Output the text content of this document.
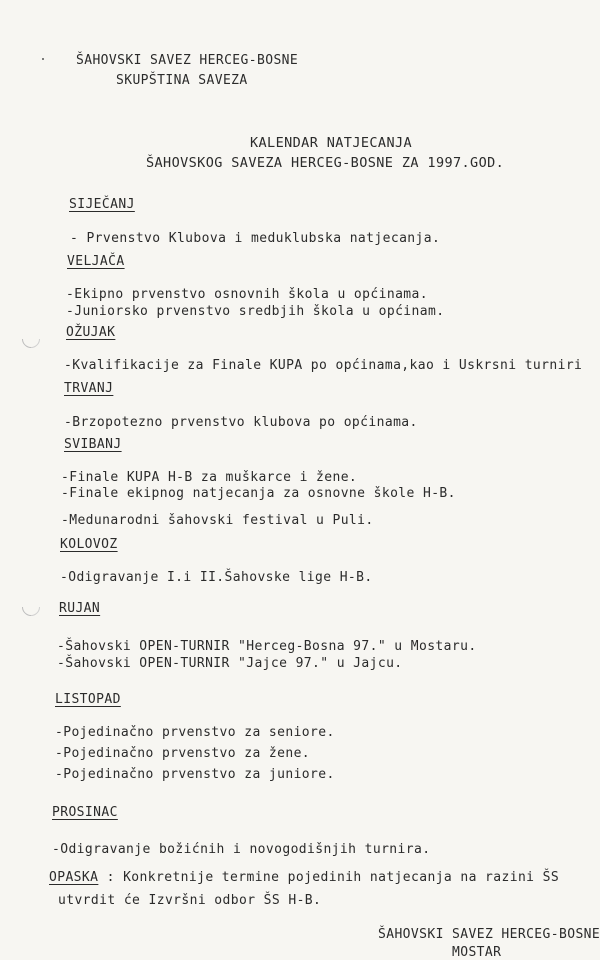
ŠAHOVSKI SAVEZ HERCEG-BOSNE
SKUPŠTINA SAVEZA
KALENDAR NATJECANJA
ŠAHOVSKOG SAVEZA HERCEG-BOSNE ZA 1997.GOD.
SIJEČANJ
- Prvenstvo Klubova i meduklubska natjecanja.
VELJAČA
-Ekipno prvenstvo osnovnih škola u općinama.
-Juniorsko prvenstvo sredbjih škola u općinam.
OŽUJAK
-Kvalifikacije za Finale KUPA po općinama,kao i Uskrsni turniri
TRVANJ
-Brzopotezno prvenstvo klubova po općinama.
SVIBANJ
-Finale KUPA H-B za muškarce i žene.
-Finale ekipnog natjecanja za osnovne škole H-B.
-Medunarodni šahovski festival u Puli.
KOLOVOZ
-Odigravanje I.i II.Šahovske lige H-B.
RUJAN
-Šahovski OPEN-TURNIR "Herceg-Bosna 97." u Mostaru.
-Šahovski OPEN-TURNIR "Jajce 97." u Jajcu.
LISTOPAD
-Pojedinačno prvenstvo za seniore.
-Pojedinačno prvenstvo za žene.
-Pojedinačno prvenstvo za juniore.
PROSINAC
-Odigravanje božićnih i novogodišnjih turnira.
OPASKA : Konkretnije termine pojedinih natjecanja na razini ŠS
utvrdit će Izvršni odbor ŠS H-B.
ŠAHOVSKI SAVEZ HERCEG-BOSNE
MOSTAR
